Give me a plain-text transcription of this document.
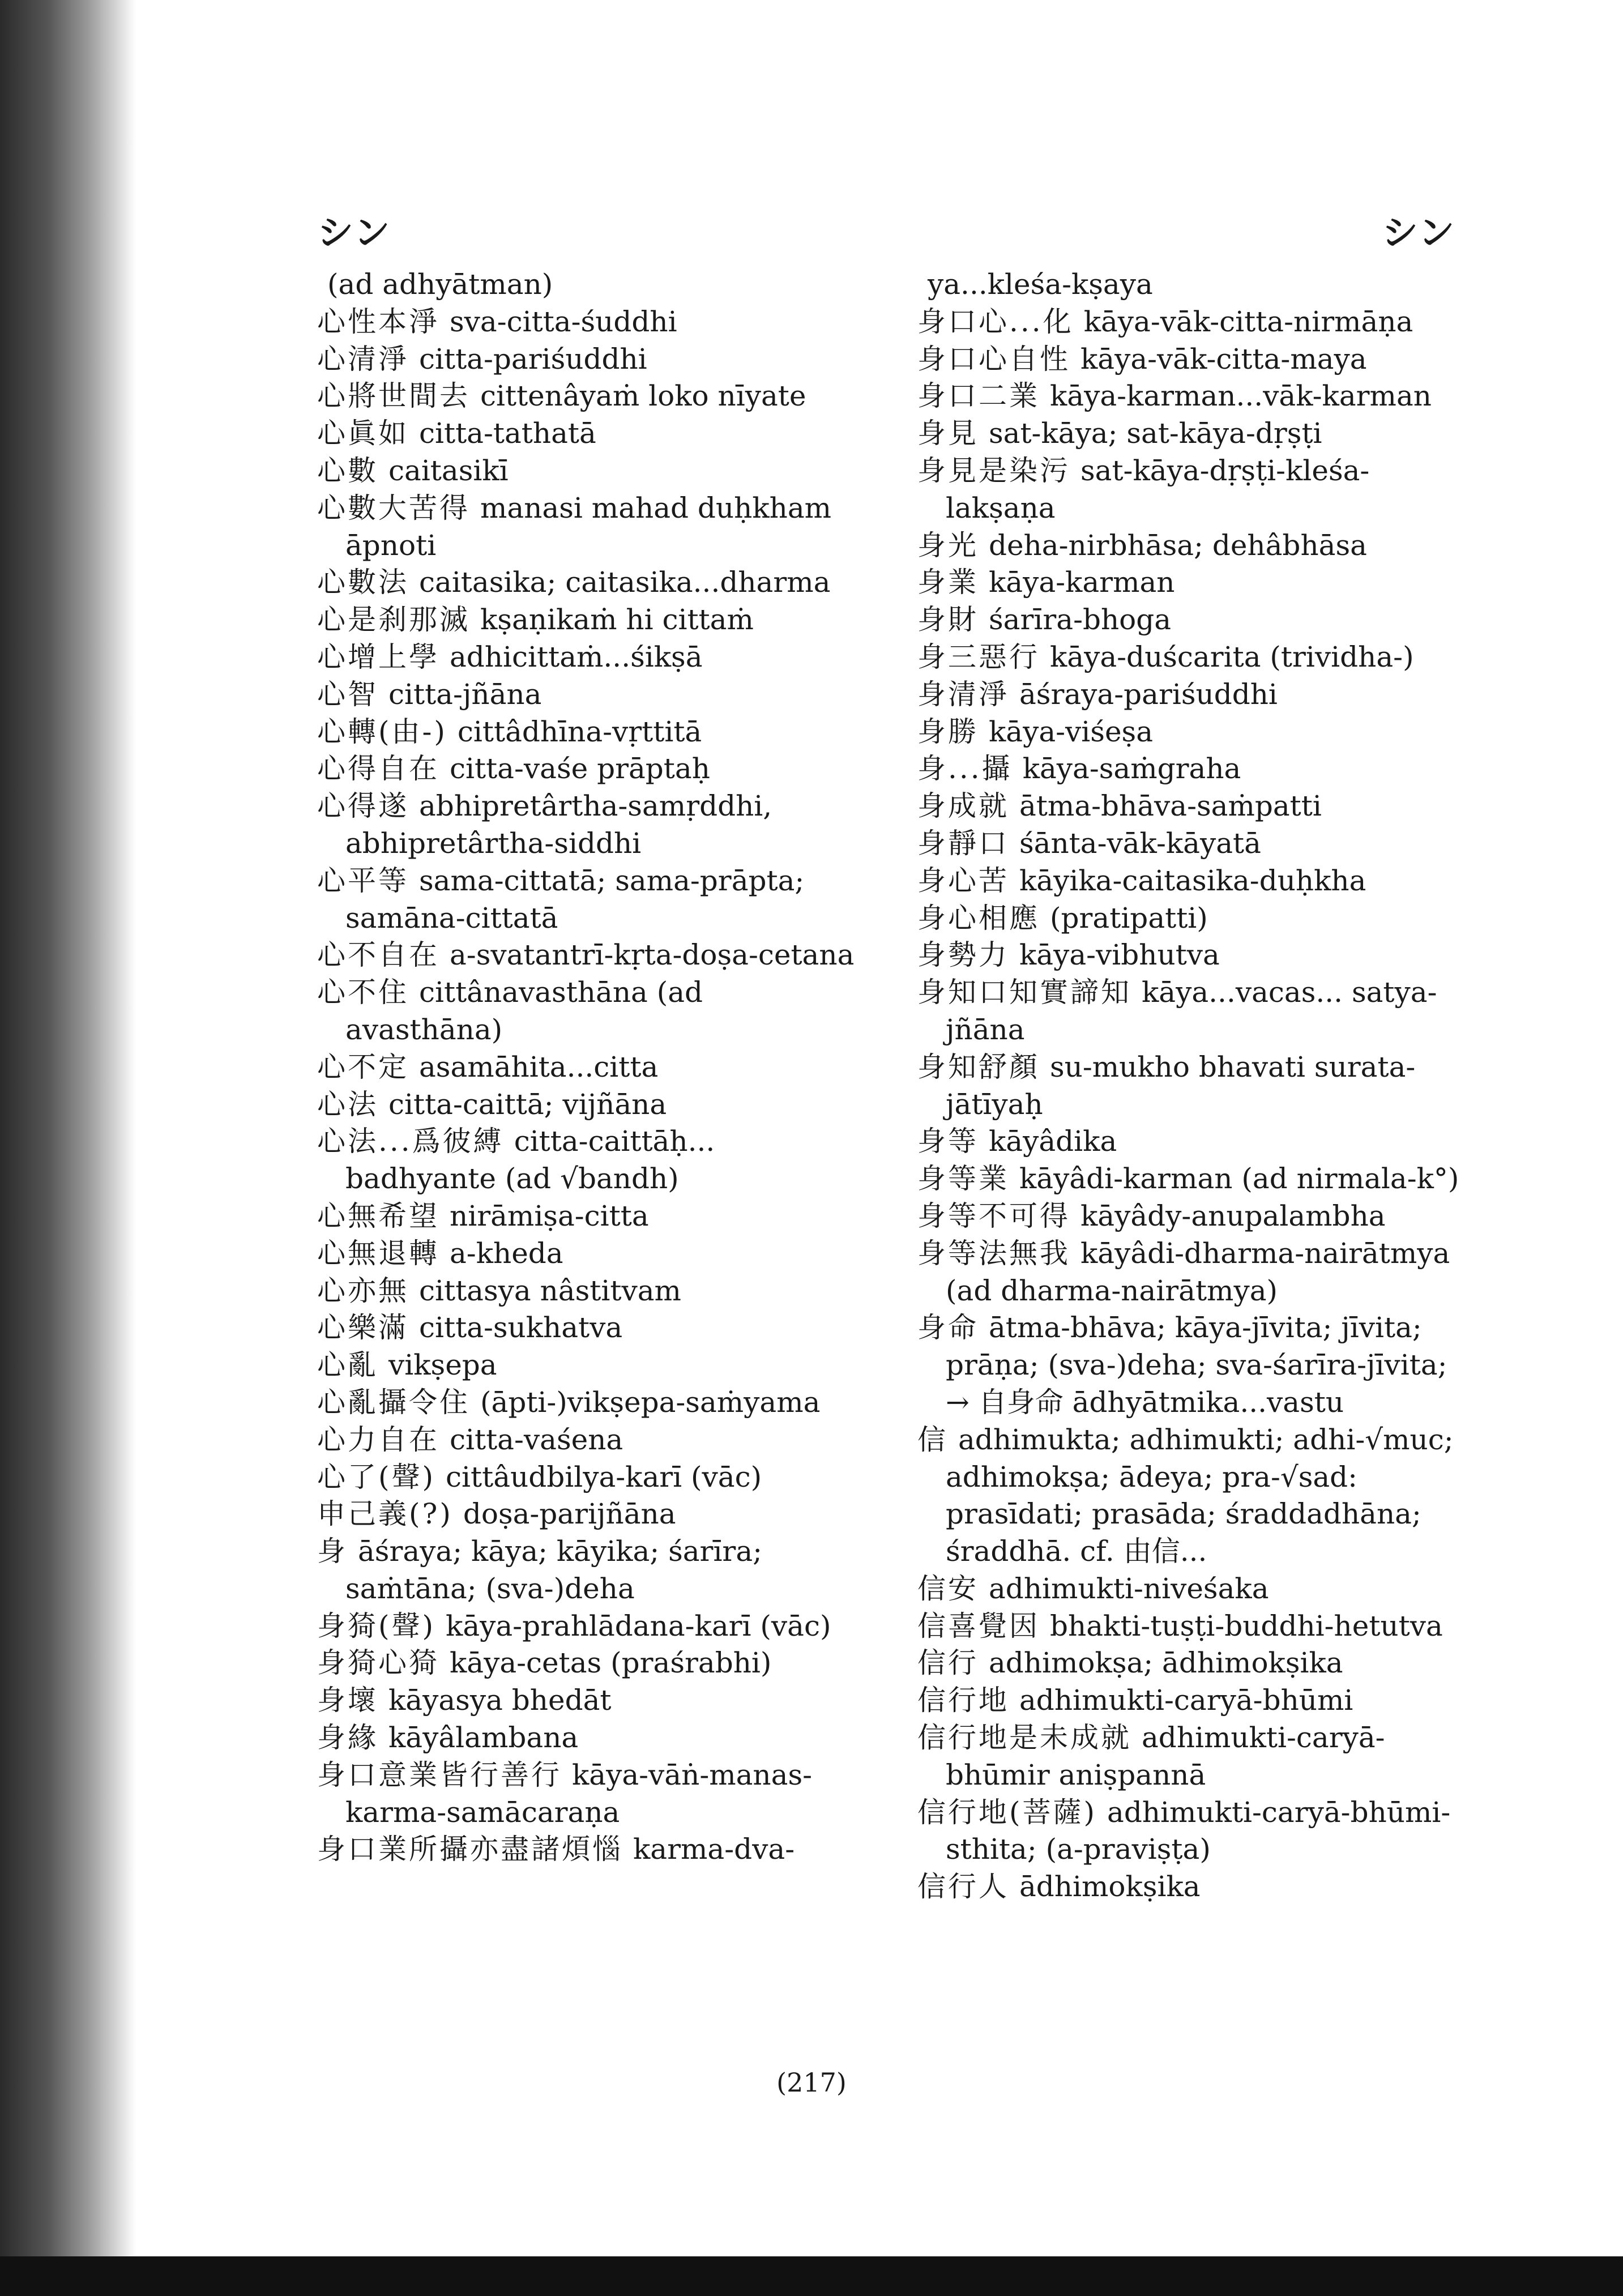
シン	シン

(ad adhyātman)

心性本淨 sva-citta-śuddhi

心清淨 citta-pariśuddhi

心將世間去 cittenâyaṁ loko nīyate

心眞如 citta-tathatā

心數 caitasikī

心數大苦得 manasi mahad duḥkham āpnoti

心數法 caitasika; caitasika...dharma

心是刹那滅 kṣaṇikaṁ hi cittaṁ

心增上學 adhicittaṁ...śikṣā

心智 citta-jñāna

心轉(由-) cittâdhīna-vṛttitā

心得自在 citta-vaśe prāptaḥ

心得遂 abhipretârtha-samṛddhi, abhipretârtha-siddhi

心平等 sama-cittatā; sama-prāpta; samāna-cittatā

心不自在 a-svatantrī-kṛta-doṣa-cetana

心不住 cittânavasthāna (ad avasthāna)

心不定 asamāhita...citta

心法 citta-caittā; vijñāna

心法...爲彼縛 citta-caittāḥ... badhyante (ad √bandh)

心無希望 nirāmiṣa-citta

心無退轉 a-kheda

心亦無 cittasya nâstitvam

心樂滿 citta-sukhatva

心亂 vikṣepa

心亂攝令住 (āpti-)vikṣepa-saṁyama

心力自在 citta-vaśena

心了(聲) cittâudbilya-karī (vāc)

申己義(?) doṣa-parijñāna

身 āśraya; kāya; kāyika; śarīra; saṁtāna; (sva-)deha

身猗(聲) kāya-prahlādana-karī (vāc)

身猗心猗 kāya-cetas (praśrabhi)

身壞 kāyasya bhedāt

身緣 kāyâlambana

身口意業皆行善行 kāya-vāṅ-manas-karma-samācaraṇa

身口業所攝亦盡諸煩惱 karma-dva-

ya...kleśa-kṣaya

身口心...化 kāya-vāk-citta-nirmāṇa

身口心自性 kāya-vāk-citta-maya

身口二業 kāya-karman...vāk-karman

身見 sat-kāya; sat-kāya-dṛṣṭi

身見是染污 sat-kāya-dṛṣṭi-kleśa-lakṣaṇa

身光 deha-nirbhāsa; dehâbhāsa

身業 kāya-karman

身財 śarīra-bhoga

身三惡行 kāya-duścarita (trividha-)

身清淨 āśraya-pariśuddhi

身勝 kāya-viśeṣa

身...攝 kāya-saṁgraha

身成就 ātma-bhāva-saṁpatti

身靜口 śānta-vāk-kāyatā

身心苦 kāyika-caitasika-duḥkha

身心相應 (pratipatti)

身勢力 kāya-vibhutva

身知口知實諦知 kāya...vacas... satya-jñāna

身知舒顏 su-mukho bhavati surata-jātīyaḥ

身等 kāyâdika

身等業 kāyâdi-karman (ad nirmala-k°)

身等不可得 kāyâdy-anupalambha

身等法無我 kāyâdi-dharma-nairātmya (ad dharma-nairātmya)

身命 ātma-bhāva; kāya-jīvita; jīvita; prāṇa; (sva-)deha; sva-śarīra-jīvita; → 自身命 ādhyātmika...vastu

信 adhimukta; adhimukti; adhi-√muc; adhimokṣa; ādeya; pra-√sad: prasīdati; prasāda; śraddadhāna; śraddhā. cf. 由信...

信安 adhimukti-niveśaka

信喜覺因 bhakti-tuṣṭi-buddhi-hetutva

信行 adhimokṣa; ādhimokṣika

信行地 adhimukti-caryā-bhūmi

信行地是未成就 adhimukti-caryā-bhūmir aniṣpannā

信行地(菩薩) adhimukti-caryā-bhūmi-sthita; (a-praviṣṭa)

信行人 ādhimokṣika

(217)
